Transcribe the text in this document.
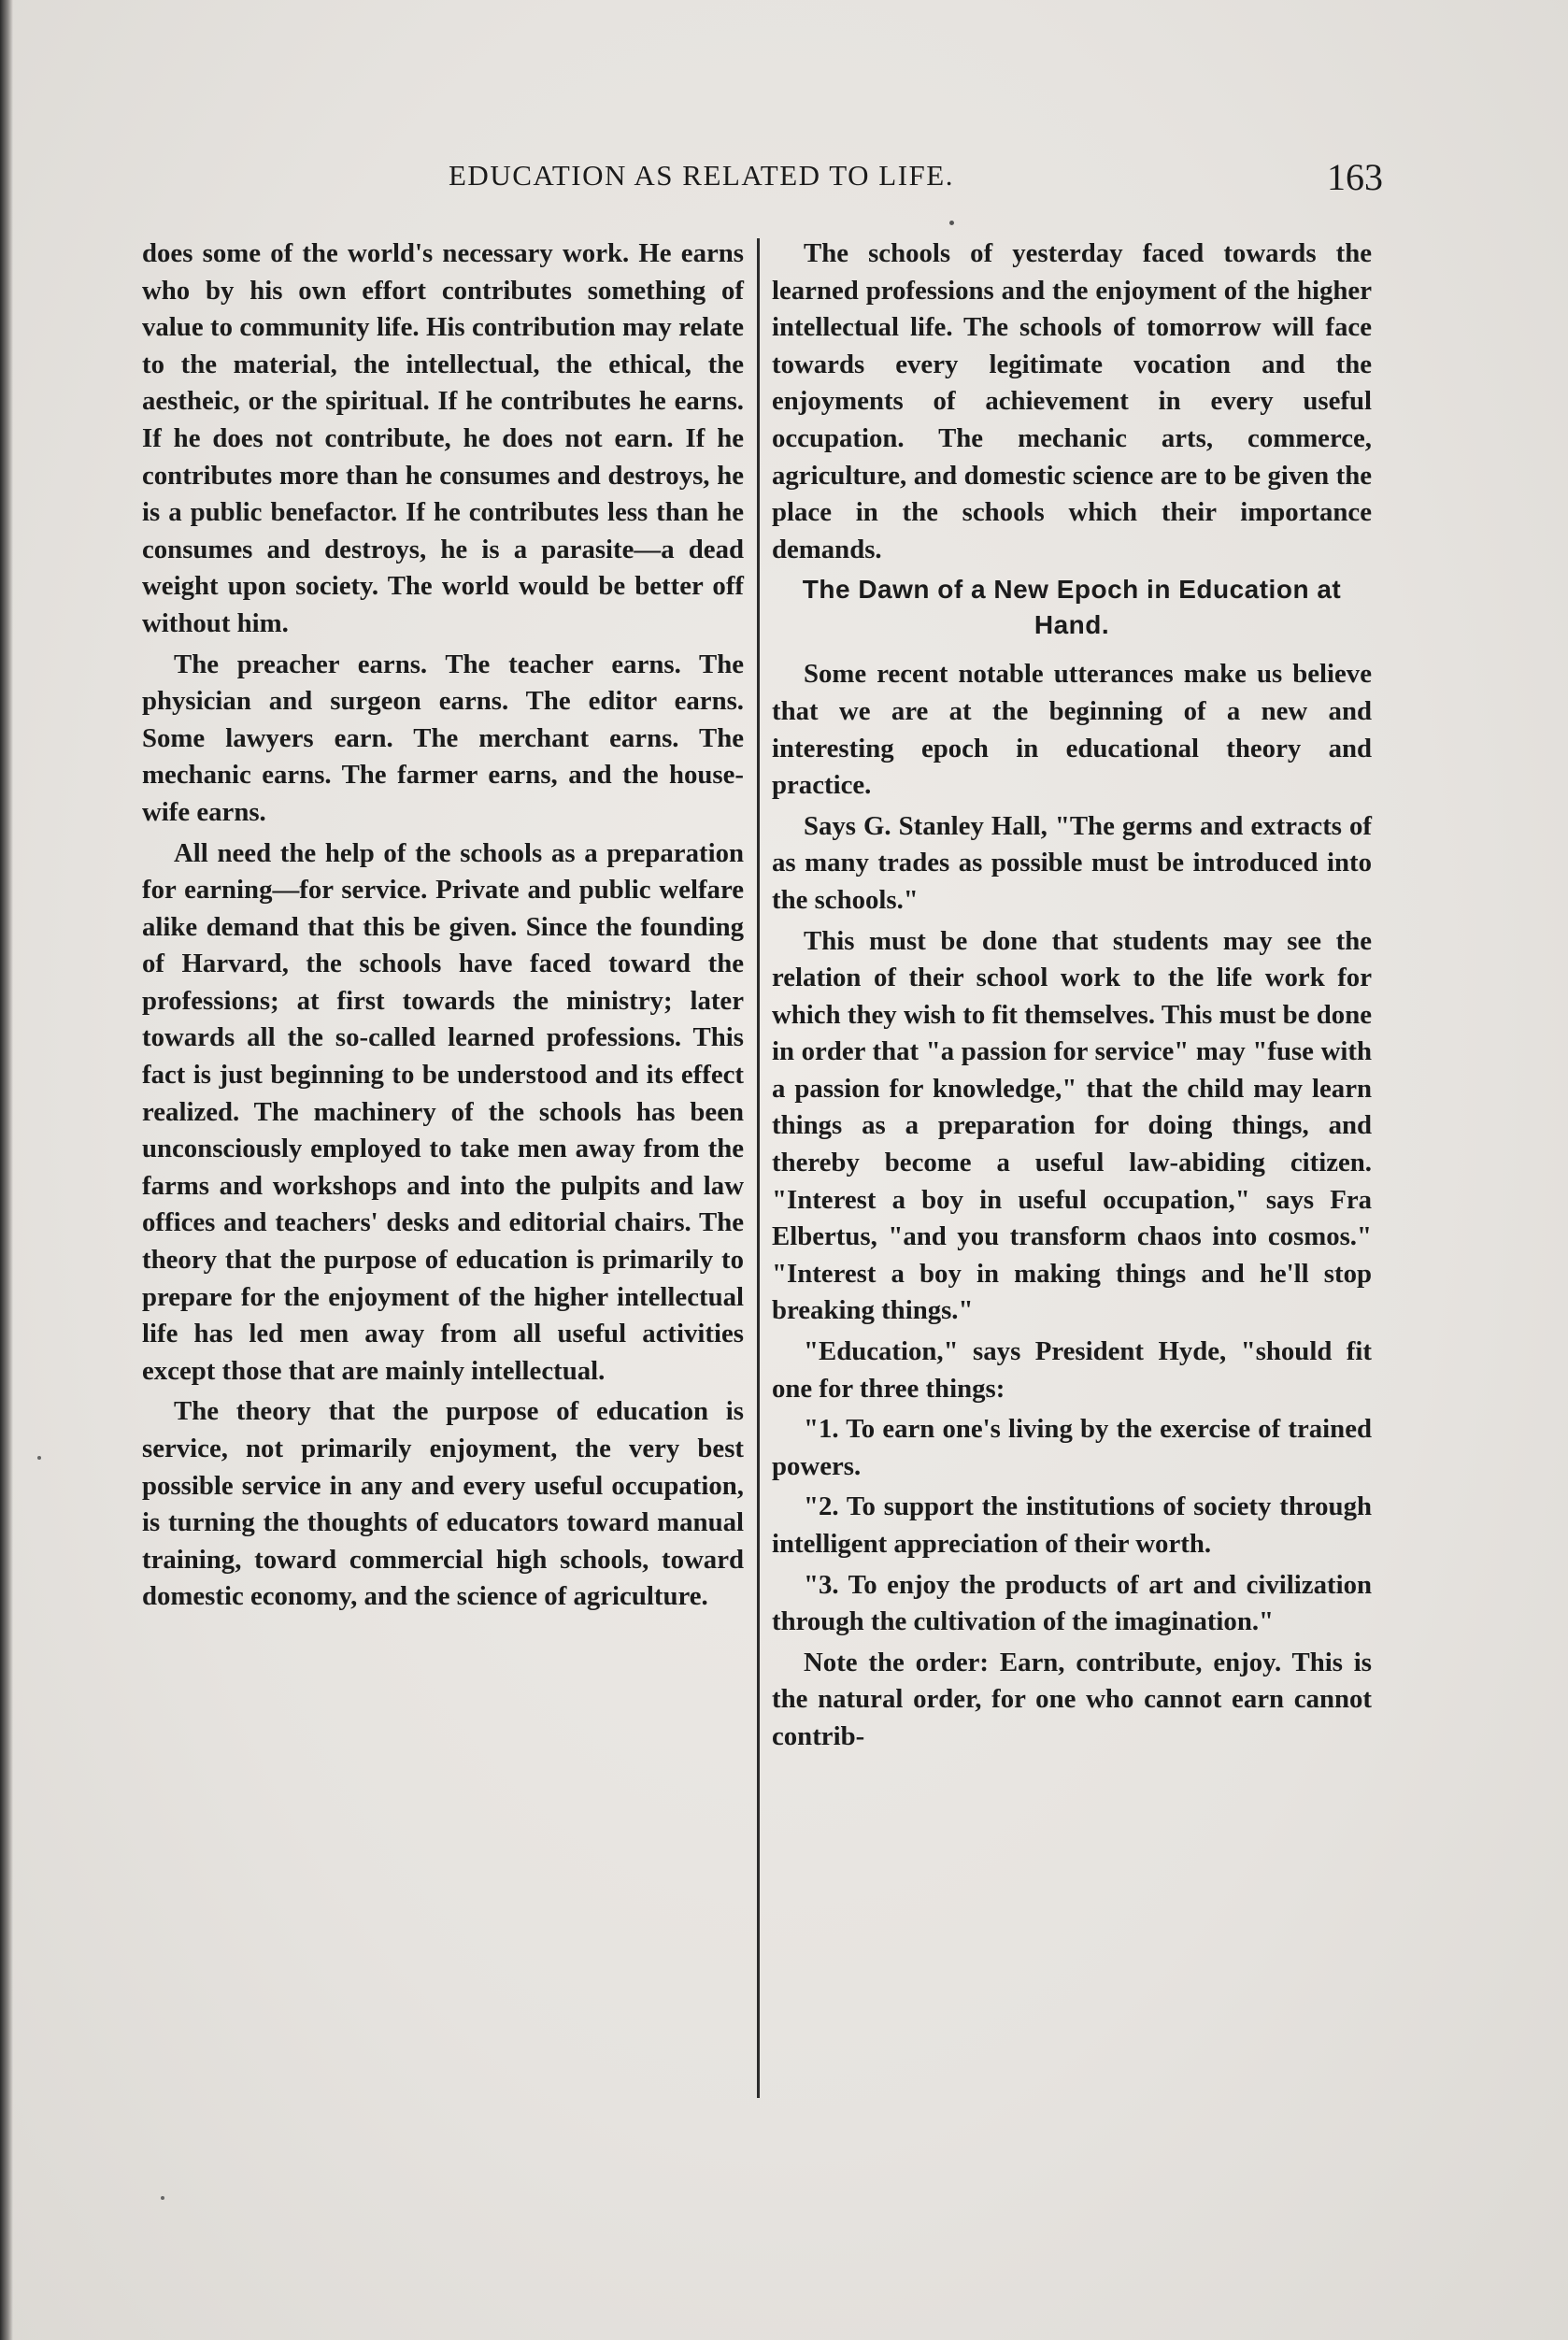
EDUCATION AS RELATED TO LIFE.	163

does some of the world's necessary work. He earns who by his own effort contributes something of value to community life. His contribution may relate to the material, the intellectual, the ethical, the aestheic, or the spiritual. If he contributes he earns. If he does not contribute, he does not earn. If he contributes more than he consumes and destroys, he is a public benefactor. If he contributes less than he consumes and destroys, he is a parasite—a dead weight upon society. The world would be better off without him.

The preacher earns. The teacher earns. The physician and surgeon earns. The editor earns. Some lawyers earn. The merchant earns. The mechanic earns. The farmer earns, and the house-wife earns.

All need the help of the schools as a preparation for earning—for service. Private and public welfare alike demand that this be given. Since the founding of Harvard, the schools have faced toward the professions; at first towards the ministry; later towards all the so-called learned professions. This fact is just beginning to be understood and its effect realized. The machinery of the schools has been unconsciously employed to take men away from the farms and workshops and into the pulpits and law offices and teachers' desks and editorial chairs. The theory that the purpose of education is primarily to prepare for the enjoyment of the higher intellectual life has led men away from all useful activities except those that are mainly intellectual.

The theory that the purpose of education is service, not primarily enjoyment, the very best possible service in any and every useful occupation, is turning the thoughts of educators toward manual training, toward commercial high schools, toward domestic economy, and the science of agriculture.

The schools of yesterday faced towards the learned professions and the enjoyment of the higher intellectual life. The schools of tomorrow will face towards every legitimate vocation and the enjoyments of achievement in every useful occupation. The mechanic arts, commerce, agriculture, and domestic science are to be given the place in the schools which their importance demands.

The Dawn of a New Epoch in Education at Hand.

Some recent notable utterances make us believe that we are at the beginning of a new and interesting epoch in educational theory and practice.

Says G. Stanley Hall, "The germs and extracts of as many trades as possible must be introduced into the schools."

This must be done that students may see the relation of their school work to the life work for which they wish to fit themselves. This must be done in order that "a passion for service" may "fuse with a passion for knowledge," that the child may learn things as a preparation for doing things, and thereby become a useful law-abiding citizen. "Interest a boy in useful occupation," says Fra Elbertus, "and you transform chaos into cosmos." "Interest a boy in making things and he'll stop breaking things."

"Education," says President Hyde, "should fit one for three things:

"1. To earn one's living by the exercise of trained powers.

"2. To support the institutions of society through intelligent appreciation of their worth.

"3. To enjoy the products of art and civilization through the cultivation of the imagination."

Note the order: Earn, contribute, enjoy. This is the natural order, for one who cannot earn cannot contrib-
